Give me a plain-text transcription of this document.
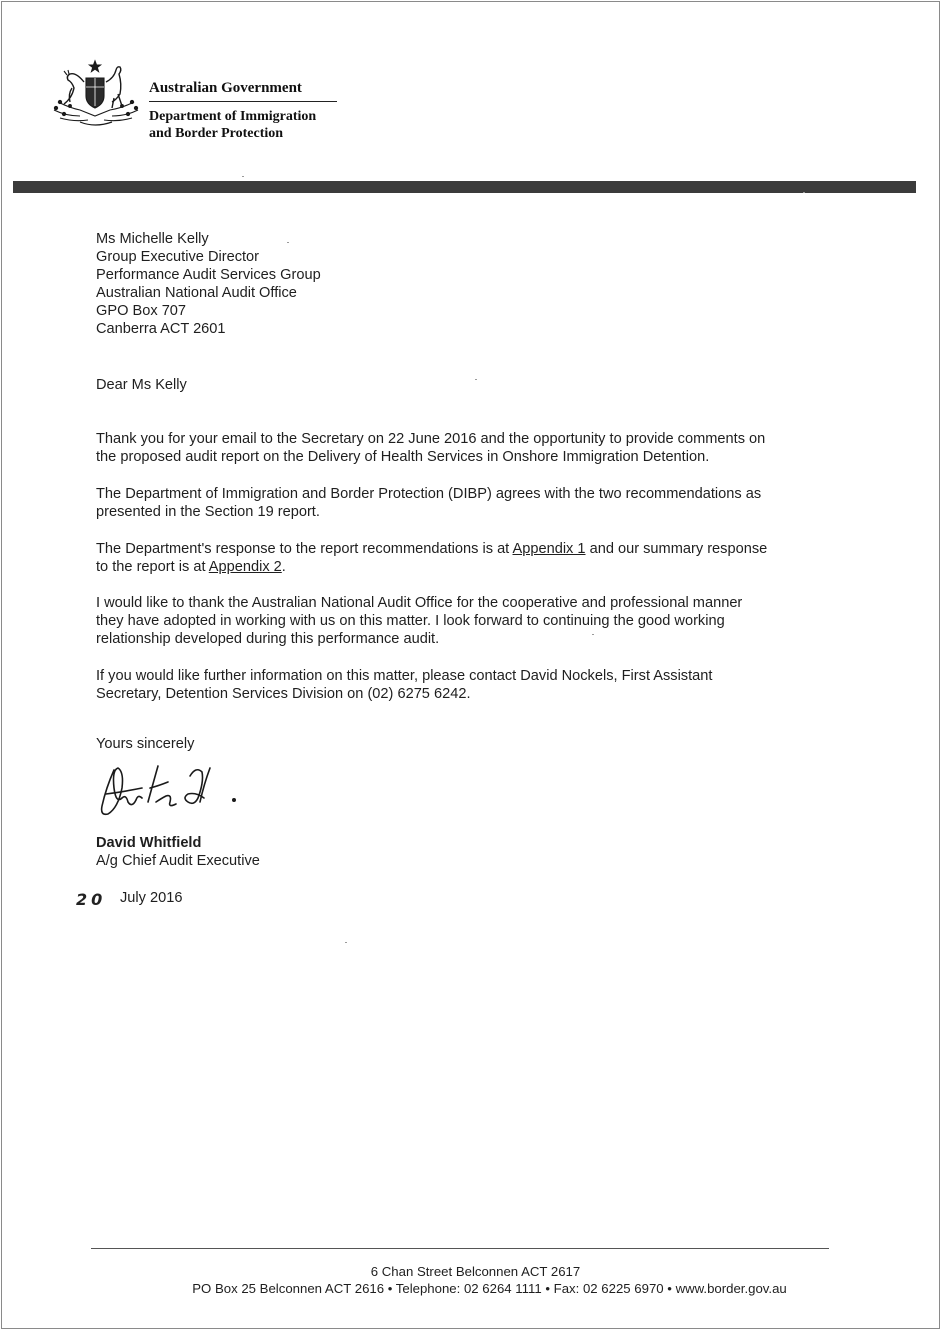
Australian Government
Department of Immigration
and Border Protection
Ms Michelle Kelly
Group Executive Director
Performance Audit Services Group
Australian National Audit Office
GPO Box 707
Canberra ACT 2601
Dear Ms Kelly
Thank you for your email to the Secretary on 22 June 2016 and the opportunity to provide comments on
the proposed audit report on the Delivery of Health Services in Onshore Immigration Detention.
The Department of Immigration and Border Protection (DIBP) agrees with the two recommendations as
presented in the Section 19 report.
The Department's response to the report recommendations is at Appendix 1 and our summary response
to the report is at Appendix 2.
I would like to thank the Australian National Audit Office for the cooperative and professional manner
they have adopted in working with us on this matter. I look forward to continuing the good working
relationship developed during this performance audit.
If you would like further information on this matter, please contact David Nockels, First Assistant
Secretary, Detention Services Division on (02) 6275 6242.
Yours sincerely
David Whitfield
A/g Chief Audit Executive
20 July 2016
6 Chan Street Belconnen ACT 2617
PO Box 25 Belconnen ACT 2616 • Telephone: 02 6264 1111 • Fax: 02 6225 6970 • www.border.gov.au
